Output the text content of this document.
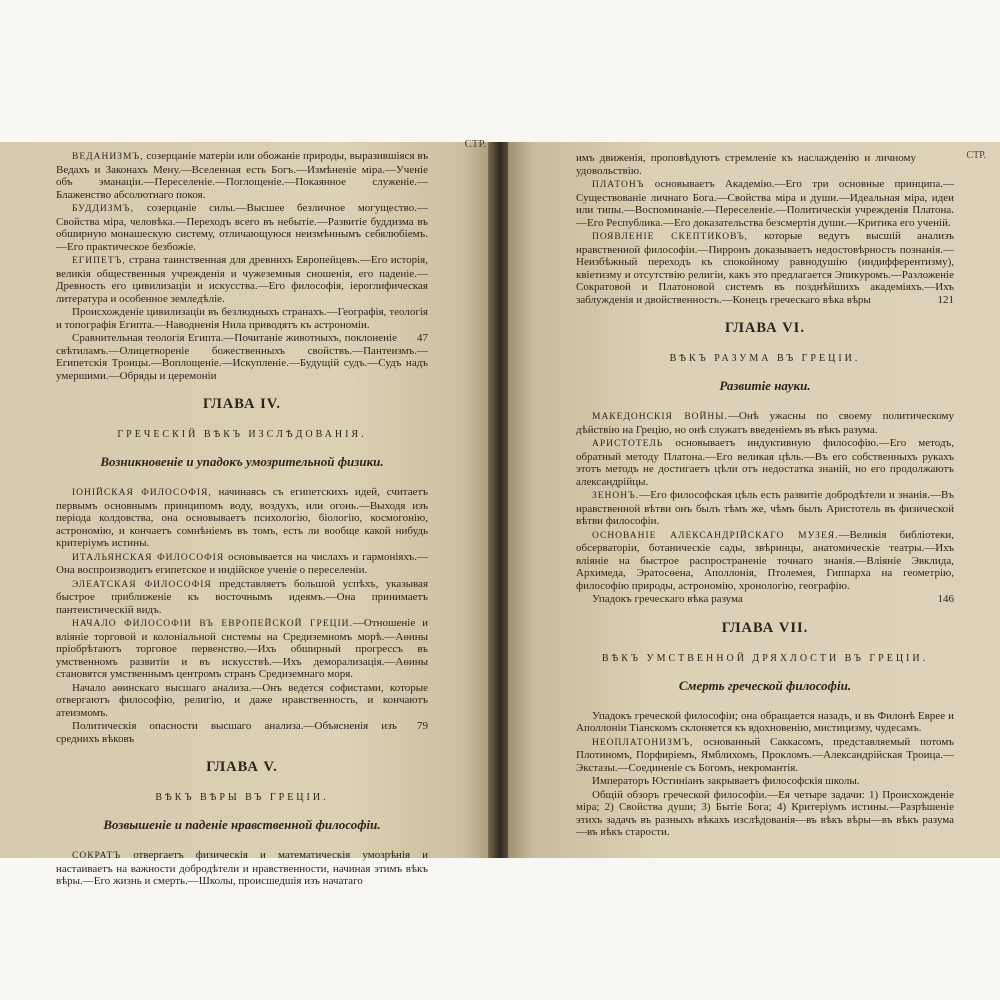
СТР.

ВЕДАНИЗМЪ, созерцаніе матеріи или обожаніе природы, выразившіяся въ Ведахъ и Законахъ Мену.—Вселенная есть Богъ.—Измѣненіе міра.—Ученіе объ эманаціи.—Переселеніе.—Поглощеніе.—Покаянное служеніе.—Блаженство абсолютнаго покоя.

БУДДИЗМЪ, созерцаніе силы.—Высшее безличное могущество.—Свойства міра, человѣка.—Переходъ всего въ небытіе.—Развитіе буддизма въ обширную монашескую систему, отличающуюся неизмѣннымъ себялюбіемъ.—Его практическое безбожіе.

ЕГИПЕТЪ, страна таинственная для древнихъ Европейцевъ.—Его исторія, великія общественныя учрежденія и чужеземныя сношенія, его паденіе.—Древность его цивилизаціи и искусства.—Его философія, іероглифическая литература и особенное земледѣліе.

Происхожденіе цивилизаціи въ безлюдныхъ странахъ.—Географія, теологія и топографія Египта.—Наводненія Нила приводятъ къ астрономіи.

47
Сравнительная теологія Египта.—Почитаніе животныхъ, поклоненіе свѣтиламъ.—Олицетвореніе божественныхъ свойствъ.—Пантеизмъ.—Египетскія Троицы.—Воплощеніе.—Искупленіе.—Будущій судъ.—Судъ надъ умершими.—Обряды и церемоніи

ГЛАВА IV.
ГРЕЧЕСКІЙ ВѢКЪ ИЗСЛѢДОВАНІЯ.
Возникновеніе и упадокъ умозрительной физики.

ІОНІЙСКАЯ ФИЛОСОФІЯ, начинаясь съ египетскихъ идей, считаетъ первымъ основнымъ принципомъ воду, воздухъ, или огонь.—Выходя изъ періода колдовства, она основываетъ психологію, біологію, космогонію, астрономію, и кончаетъ сомнѣніемъ въ томъ, есть ли вообще какой нибудь критеріумъ истины.

ИТАЛЬЯНСКАЯ ФИЛОСОФІЯ основывается на числахъ и гармоніяхъ.—Она воспроизводитъ египетское и индійское ученіе о переселеніи.

ЭЛЕАТСКАЯ ФИЛОСОФІЯ представляетъ большой успѣхъ, указывая быстрое приближеніе къ восточнымъ идеямъ.—Она принимаетъ пантеистическій видъ.

НАЧАЛО ФИЛОСОФІИ ВЪ ЕВРОПЕЙСКОЙ ГРЕЦІИ.—Отношеніе и вліяніе торговой и колоніальной системы на Средиземномъ морѣ.—Аѳины пріобрѣтаютъ торговое первенство.—Ихъ обширный прогрессъ въ умственномъ развитіи и въ искусствѣ.—Ихъ деморализація.—Аѳины становятся умственнымъ центромъ странъ Средиземнаго моря.

Начало аѳинскаго высшаго анализа.—Онъ ведется софистами, которые отвергаютъ философію, религію, и даже нравственность, и кончаютъ атеизмомъ.

79
Политическія опасности высшаго анализа.—Объясненія изъ среднихъ вѣковъ

ГЛАВА V.
ВѢКЪ ВѢРЫ ВЪ ГРЕЦІИ.
Возвышеніе и паденіе нравственной философіи.

СОКРАТЪ отвергаетъ физическія и математическія умозрѣнія и настаиваетъ на важности добродѣтели и нравственности, начиная этимъ вѣкъ вѣры.—Его жизнь и смерть.—Школы, происшедшія изъ начатаго

СТР.

имъ движенія, проповѣдуютъ стремленіе къ наслажденію и личному удовольствію.

ПЛАТОНЪ основываетъ Академію.—Его три основные принципа.—Существованіе личнаго Бога.—Свойства міра и души.—Идеальная міра, идеи или типы.—Воспоминаніе.—Переселеніе.—Политическія учрежденія Платона.—Его Республика.—Его доказательства безсмертія души.—Критика его ученій.

ПОЯВЛЕНІЕ СКЕПТИКОВЪ, которые ведутъ высшій анализъ нравственной философіи.—Пирронъ доказываетъ недостовѣрность познанія.—Неизбѣжный переходъ къ спокойному равнодушію (индифферентизму), квіетизму и отсутствію религіи, какъ это предлагается Эпикуромъ.—Разложеніе Сократовой и Платоновой системъ въ позднѣйшихъ академіяхъ.—Ихъ заблужденія и двойственность.—Конецъ греческаго вѣка вѣры	121

ГЛАВА VI.
ВѢКЪ РАЗУМА ВЪ ГРЕЦІИ.
Развитіе науки.

МАКЕДОНСКІЯ ВОЙНЫ.—Онѣ ужасны по своему политическому дѣйствію на Грецію, но онѣ служатъ введеніемъ въ вѣкъ разума.

АРИСТОТЕЛЬ основываетъ индуктивную философію.—Его методъ, обратный методу Платона.—Его великая цѣль.—Въ его собственныхъ рукахъ этотъ методъ не достигаетъ цѣли отъ недостатка знаній, но его продолжаютъ александрійцы.

ЗЕНОНЪ.—Его философская цѣль есть развитіе добродѣтели и знанія.—Въ нравственной вѣтви онъ былъ тѣмъ же, чѣмъ былъ Аристотель въ физической вѣтви философіи.

ОСНОВАНІЕ АЛЕКСАНДРІЙСКАГО МУЗЕЯ.—Великія библіотеки, обсерваторіи, ботаническіе сады, звѣринцы, анатомическіе театры.—Ихъ вліяніе на быстрое распространеніе точнаго знанія.—Вліяніе Эвклида, Архимеда, Эратосѳена, Аполлонія, Птолемея, Гиппарха на геометрію, философію природы, астрономію, хронологію, географію.

146
Упадокъ греческаго вѣка разума

ГЛАВА VII.
ВѢКЪ УМСТВЕННОЙ ДРЯХЛОСТИ ВЪ ГРЕЦІИ.
Смерть греческой философіи.

Упадокъ греческой философіи; она обращается назадъ, и въ Филонѣ Еврее и Аполлоніи Тіанскомъ склоняется къ вдохновенію, мистицизму, чудесамъ.

НЕОПЛАТОНИЗМЪ, основанный Саккасомъ, представляемый потомъ Плотиномъ, Порфиріемъ, Ямблихомъ, Прокломъ.—Александрійская Троица.—Экстазы.—Соединеніе съ Богомъ, некромантія.

Императоръ Юстиніанъ закрываетъ философскія школы.

Общій обзоръ греческой философіи.—Ея четыре задачи: 1) Происхожденіе міра; 2) Свойства души; 3) Бытіе Бога; 4) Критеріумъ истины.—Разрѣшеніе этихъ задачъ въ разныхъ вѣкахъ изслѣдованія—въ вѣкъ вѣры—въ вѣкъ разума—въ вѣкъ старости.
